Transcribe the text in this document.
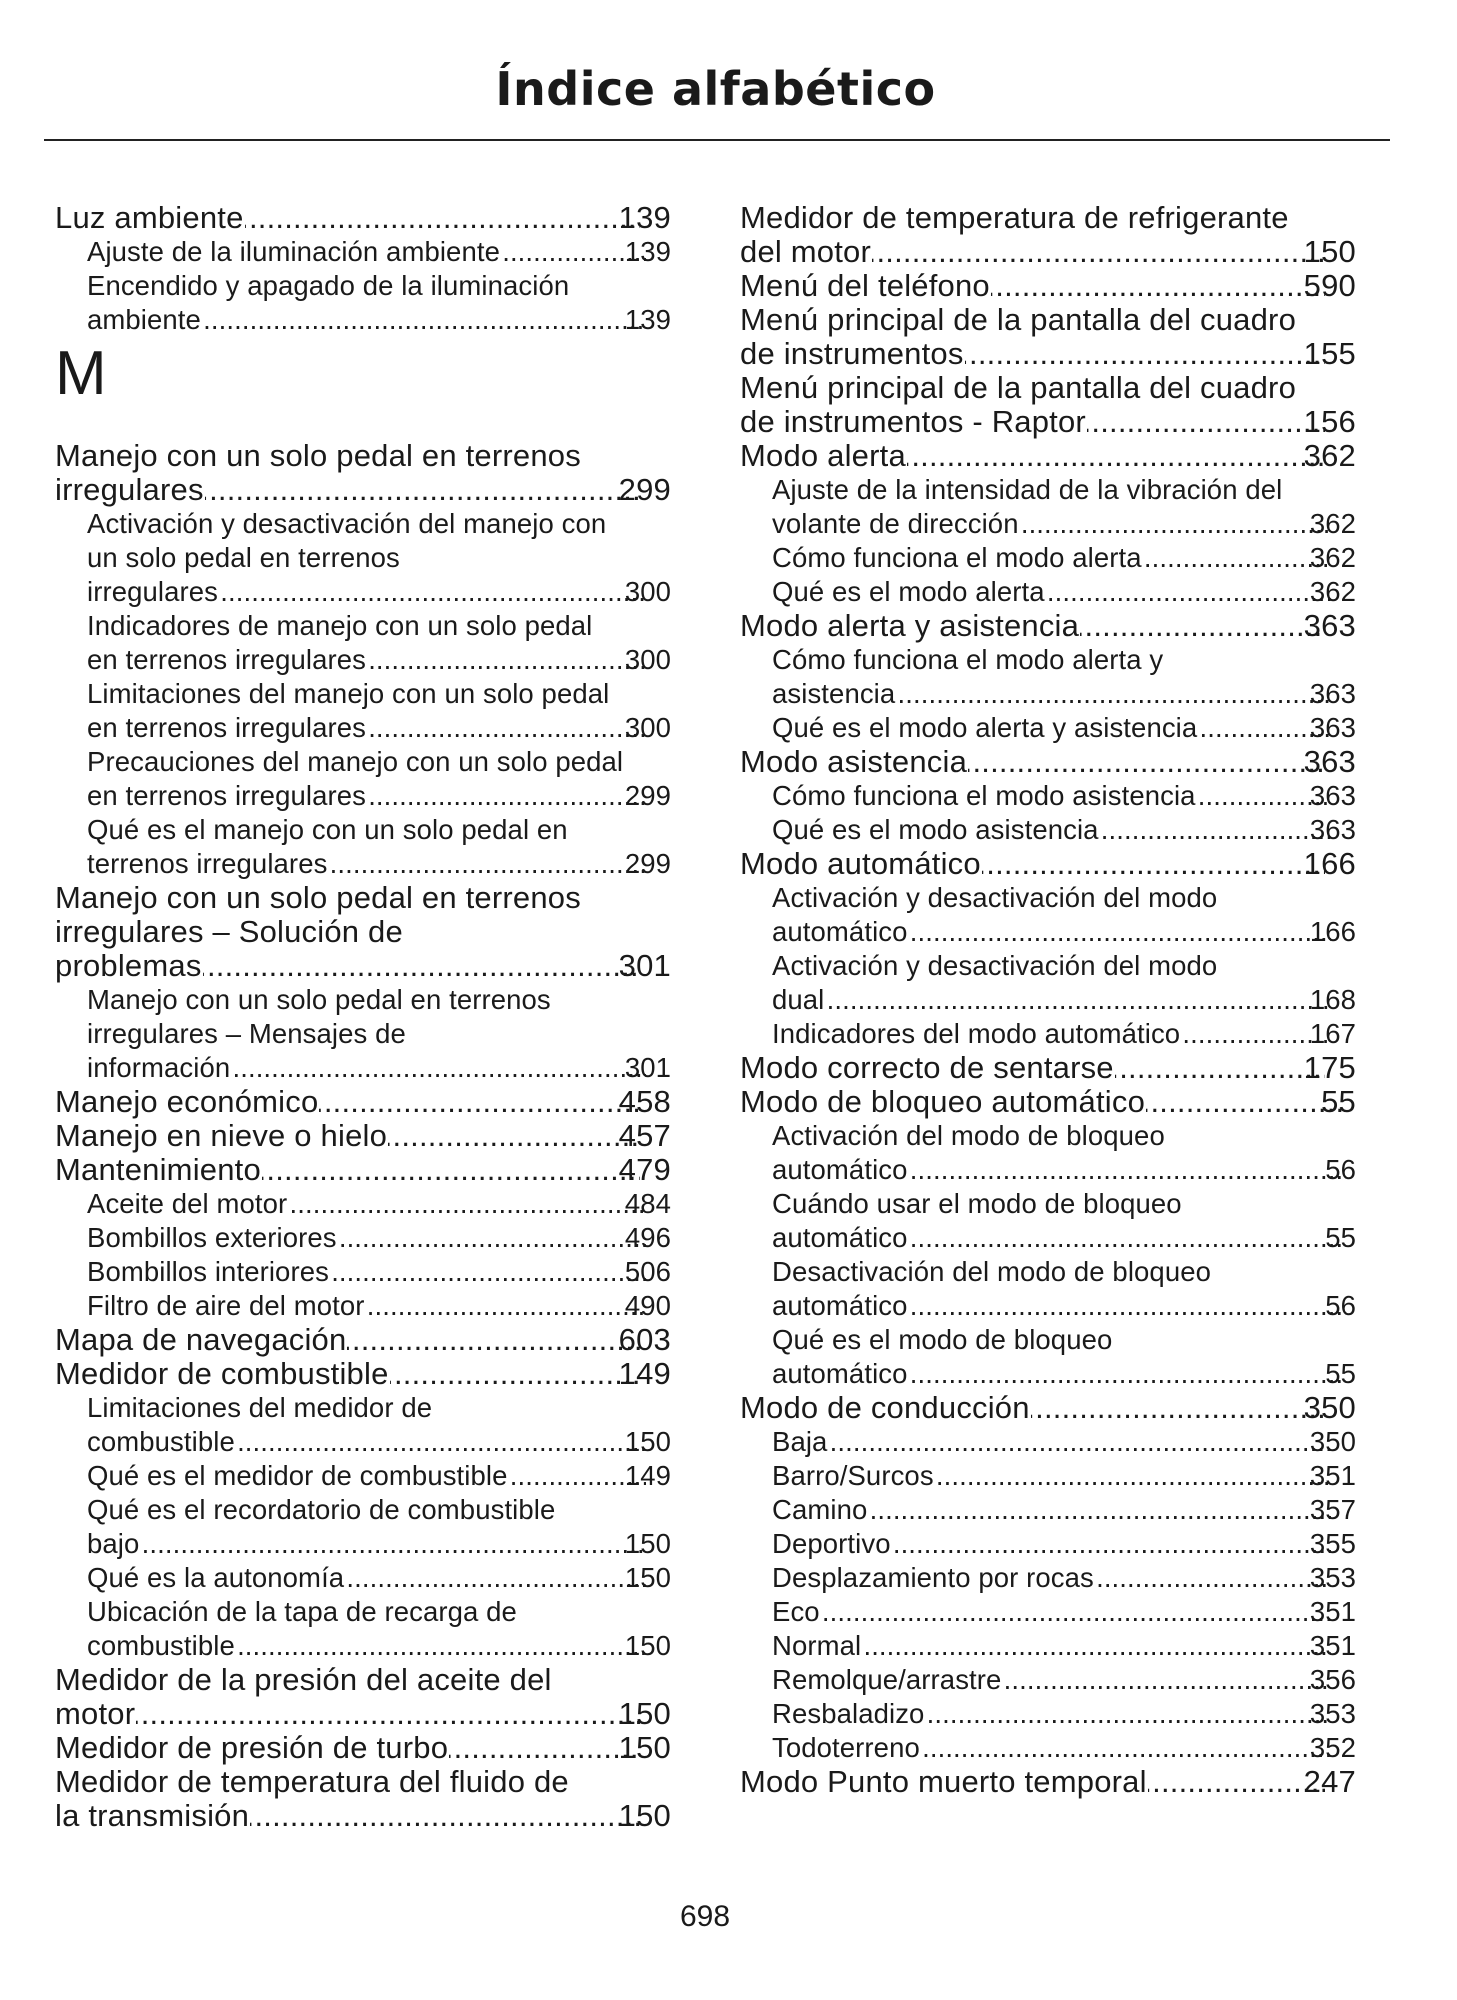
Índice alfabético
Luz ambiente .....	139
Ajuste de la iluminación ambiente .....	139
Encendido y apagado de la iluminación
ambiente .....	139
M
Manejo con un solo pedal en terrenos
irregulares .....	299
Activación y desactivación del manejo con
un solo pedal en terrenos
irregulares .....	300
Indicadores de manejo con un solo pedal
en terrenos irregulares .....	300
Limitaciones del manejo con un solo pedal
en terrenos irregulares .....	300
Precauciones del manejo con un solo pedal
en terrenos irregulares .....	299
Qué es el manejo con un solo pedal en
terrenos irregulares .....	299
Manejo con un solo pedal en terrenos
irregulares – Solución de
problemas .....	301
Manejo con un solo pedal en terrenos
irregulares – Mensajes de
información .....	301
Manejo económico .....	458
Manejo en nieve o hielo .....	457
Mantenimiento .....	479
Aceite del motor .....	484
Bombillos exteriores .....	496
Bombillos interiores .....	506
Filtro de aire del motor .....	490
Mapa de navegación .....	603
Medidor de combustible .....	149
Limitaciones del medidor de
combustible .....	150
Qué es el medidor de combustible .....	149
Qué es el recordatorio de combustible
bajo .....	150
Qué es la autonomía .....	150
Ubicación de la tapa de recarga de
combustible .....	150
Medidor de la presión del aceite del
motor .....	150
Medidor de presión de turbo .....	150
Medidor de temperatura del fluido de
la transmisión .....	150
Medidor de temperatura de refrigerante
del motor .....	150
Menú del teléfono .....	590
Menú principal de la pantalla del cuadro
de instrumentos .....	155
Menú principal de la pantalla del cuadro
de instrumentos - Raptor .....	156
Modo alerta .....	362
Ajuste de la intensidad de la vibración del
volante de dirección .....	362
Cómo funciona el modo alerta .....	362
Qué es el modo alerta .....	362
Modo alerta y asistencia .....	363
Cómo funciona el modo alerta y
asistencia .....	363
Qué es el modo alerta y asistencia .....	363
Modo asistencia .....	363
Cómo funciona el modo asistencia .....	363
Qué es el modo asistencia .....	363
Modo automático .....	166
Activación y desactivación del modo
automático .....	166
Activación y desactivación del modo
dual .....	168
Indicadores del modo automático .....	167
Modo correcto de sentarse .....	175
Modo de bloqueo automático .....	55
Activación del modo de bloqueo
automático .....	56
Cuándo usar el modo de bloqueo
automático .....	55
Desactivación del modo de bloqueo
automático .....	56
Qué es el modo de bloqueo
automático .....	55
Modo de conducción .....	350
Baja .....	350
Barro/Surcos .....	351
Camino .....	357
Deportivo .....	355
Desplazamiento por rocas .....	353
Eco .....	351
Normal .....	351
Remolque/arrastre .....	356
Resbaladizo .....	353
Todoterreno .....	352
Modo Punto muerto temporal .....	247
698
